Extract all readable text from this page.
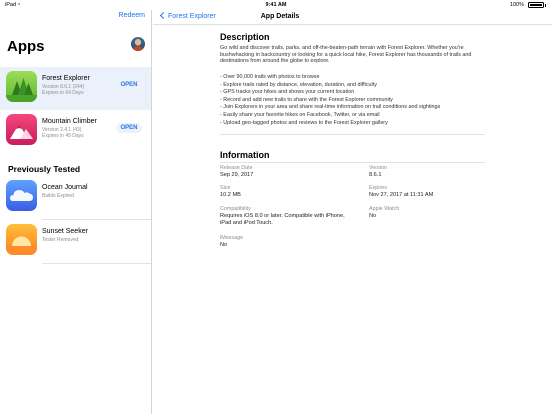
iPad ◔	9:41 AM	100%
Redeem
Apps
Forest Explorer
Version 8.6.1 (244)
Expires in 64 Days
OPEN
Mountain Climber
Version 2.4.1 (43)
Expires in 45 Days
OPEN
Previously Tested
Ocean Journal
Builds Expired
Sunset Seeker
Tester Removed
Forest Explorer	App Details
Description

Go wild and discover trails, parks, and off-the-beaten-path terrain with Forest Explorer. Whether you're bushwhacking in backcountry or looking for a quick local hike, Forest Explorer has thousands of trails and destinations from around the globe to explore.

- Over 90,000 trails with photos to browse
- Explore trails rated by distance, elevation, duration, and difficulty
- GPS tracks your hikes and shows your current location
- Record and add new trails to share with the Forest Explorer community
- Join Explorers in your area and share real-time information on trail conditions and sightings
- Easily share your favorite hikes on Facebook, Twitter, or via email
- Upload geo-tagged photos and reviews to the Forest Explorer gallery
Information
Release Date
Sep 29, 2017
Version
8.6.1
Size
10.2 MB
Expires
Nov 27, 2017 at 11:31 AM
Compatibility
Requires iOS 8.0 or later. Compatible with iPhone, iPad and iPod Touch.
Apple Watch
No
iMessage
No
